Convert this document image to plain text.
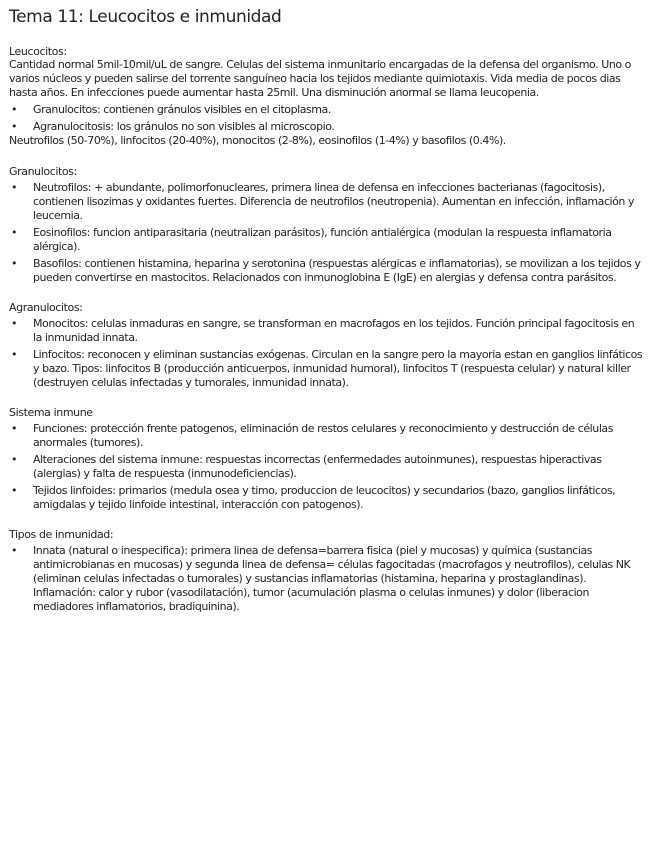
Tema 11: Leucocitos e inmunidad
Leucocitos:

Cantidad normal 5mil-10mil/uL de sangre. Celulas del sistema inmunitario encargadas de la defensa del organismo. Uno o varios núcleos y pueden salirse del torrente sanguíneo hacia los tejidos mediante quimiotaxis. Vida media de pocos dias hasta años. En infecciones puede aumentar hasta 25mil. Una disminución anormal se llama leucopenia.

• Granulocitos: contienen gránulos visibles en el citoplasma.
• Agranulocitosis: los gránulos no son visibles al microscopio.

Neutrofilos (50-70%), linfocitos (20-40%), monocitos (2-8%), eosinofilos (1-4%) y basofilos (0.4%).

Granulocitos:
• Neutrofilos: + abundante, polimorfonucleares, primera linea de defensa en infecciones bacterianas (fagocitosis), contienen lisozimas y oxidantes fuertes. Diferencia de neutrofilos (neutropenia). Aumentan en infección, inflamación y leucemia.
• Eosinofilos: funcion antiparasitaria (neutralizan parásitos), función antialérgica (modulan la respuesta inflamatoria alérgica).
• Basofilos: contienen histamina, heparina y serotonina (respuestas alérgicas e inflamatorias), se movilizan a los tejidos y pueden convertirse en mastocitos. Relacionados con inmunoglobina E (IgE) en alergias y defensa contra parásitos.
Agranulocitos:
• Monocitos: celulas inmaduras en sangre, se transforman en macrofagos en los tejidos. Función principal fagocitosis en la inmunidad innata.
• Linfocitos: reconocen y eliminan sustancias exógenas. Circulan en la sangre pero la mayoria estan en ganglios linfáticos y bazo. Tipos: linfocitos B (producción anticuerpos, inmunidad humoral), linfocitos T (respuesta celular) y natural killer (destruyen celulas infectadas y tumorales, inmunidad innata).
Sistema inmune
• Funciones: protección frente patogenos, eliminación de restos celulares y reconocimiento y destrucción de células anormales (tumores).
• Alteraciones del sistema inmune: respuestas incorrectas (enfermedades autoinmunes), respuestas hiperactivas (alergias) y falta de respuesta (inmunodeficiencias).
• Tejidos linfoides: primarios (medula osea y timo, produccion de leucocitos) y secundarios (bazo, ganglios linfáticos, amigdalas y tejido linfoide intestinal, interacción con patogenos).
Tipos de inmunidad:
• Innata (natural o inespecifica): primera linea de defensa=barrera fisica (piel y mucosas) y química (sustancias antimicrobianas en mucosas) y segunda linea de defensa= células fagocitadas (macrofagos y neutrofilos), celulas NK (eliminan celulas infectadas o tumorales) y sustancias inflamatorias (histamina, heparina y prostaglandinas). Inflamación: calor y rubor (vasodilatación), tumor (acumulación plasma o celulas inmunes) y dolor (liberacion mediadores inflamatorios, bradiquinina).
